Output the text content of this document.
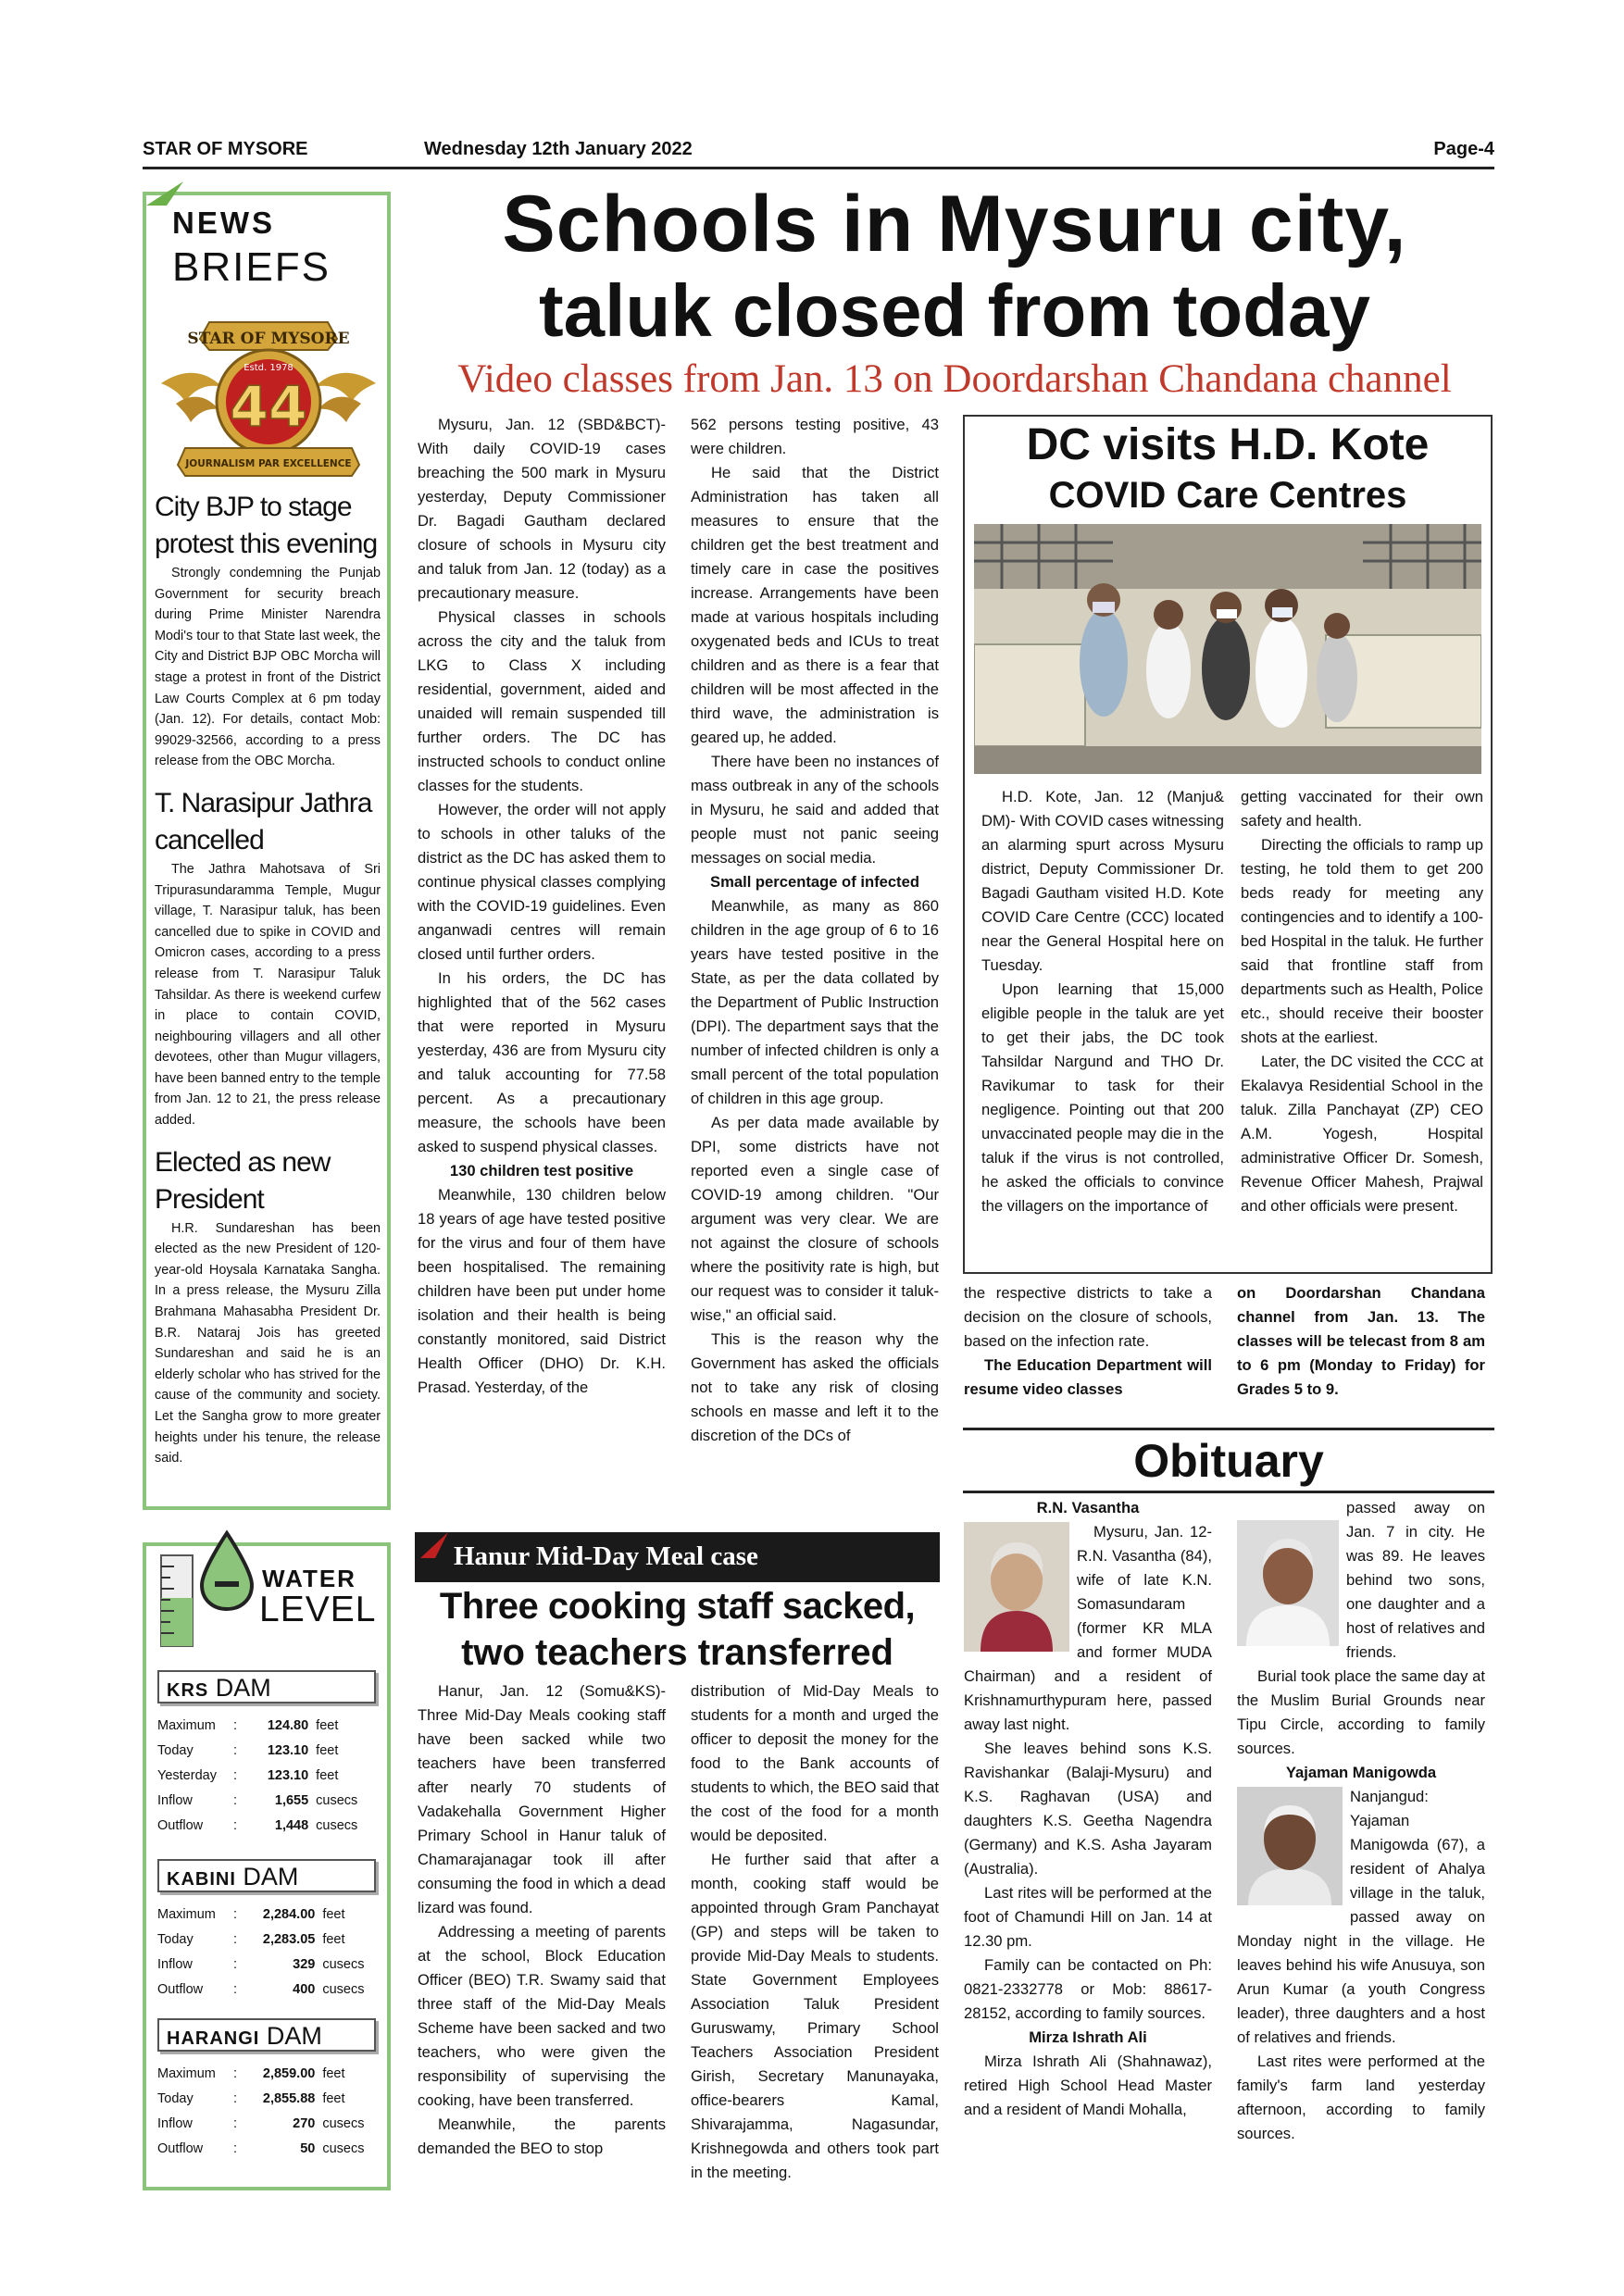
STAR OF MYSORE	Wednesday 12th January 2022	Page-4
NEWS
BRIEFS
STAR OF MYSORE
Estd. 1978
44
JOURNALISM PAR EXCELLENCE
City BJP to stage protest this evening

Strongly condemning the Punjab Government for security breach during Prime Minister Narendra Modi's tour to that State last week, the City and District BJP OBC Morcha will stage a protest in front of the District Law Courts Complex at 6 pm today (Jan. 12). For details, contact Mob: 99029-32566, according to a press release from the OBC Morcha.

T. Narasipur Jathra cancelled

The Jathra Mahotsava of Sri Tripurasundaramma Temple, Mugur village, T. Narasipur taluk, has been cancelled due to spike in COVID and Omicron cases, according to a press release from T. Narasipur Taluk Tahsildar. As there is weekend curfew in place to contain COVID, neighbouring villagers and all other devotees, other than Mugur villagers, have been banned entry to the temple from Jan. 12 to 21, the press release added.

Elected as new President

H.R. Sundareshan has been elected as the new President of 120-year-old Hoysala Karnataka Sangha. In a press release, the Mysuru Zilla Brahmana Mahasabha President Dr. B.R. Nataraj Jois has greeted Sundareshan and said he is an elderly scholar who has strived for the cause of the community and society. Let the Sangha grow to more greater heights under his tenure, the release said.

WATER
LEVEL
KRS DAM
Maximum	:	124.80	feet
Today	:	123.10	feet
Yesterday	:	123.10	feet
Inflow	:	1,655	cusecs
Outflow	:	1,448	cusecs
KABINI DAM
Maximum	:	2,284.00	feet
Today	:	2,283.05	feet
Inflow	:	329	cusecs
Outflow	:	400	cusecs
HARANGI DAM
Maximum	:	2,859.00	feet
Today	:	2,855.88	feet
Inflow	:	270	cusecs
Outflow	:	50	cusecs
Schools in Mysuru city,
taluk closed from today
Video classes from Jan. 13 on Doordarshan Chandana channel

Mysuru, Jan. 12 (SBD&BCT)- With daily COVID-19 cases breaching the 500 mark in Mysuru yesterday, Deputy Commissioner Dr. Bagadi Gautham declared closure of schools in Mysuru city and taluk from Jan. 12 (today) as a precautionary measure.

Physical classes in schools across the city and the taluk from LKG to Class X including residential, government, aided and unaided will remain suspended till further orders. The DC has instructed schools to conduct online classes for the students.

However, the order will not apply to schools in other taluks of the district as the DC has asked them to continue physical classes complying with the COVID-19 guidelines. Even anganwadi centres will remain closed until further orders.

In his orders, the DC has highlighted that of the 562 cases that were reported in Mysuru yesterday, 436 are from Mysuru city and taluk accounting for 77.58 percent. As a precautionary measure, the schools have been asked to suspend physical classes.

130 children test positive

Meanwhile, 130 children below 18 years of age have tested positive for the virus and four of them have been hospitalised. The remaining children have been put under home isolation and their health is being constantly monitored, said District Health Officer (DHO) Dr. K.H. Prasad. Yesterday, of the

562 persons testing positive, 43 were children.

He said that the District Administration has taken all measures to ensure that the children get the best treatment and timely care in case the positives increase. Arrangements have been made at various hospitals including oxygenated beds and ICUs to treat children and as there is a fear that children will be most affected in the third wave, the administration is geared up, he added.

There have been no instances of mass outbreak in any of the schools in Mysuru, he said and added that people must not panic seeing messages on social media.

Small percentage of infected

Meanwhile, as many as 860 children in the age group of 6 to 16 years have tested positive in the State, as per the data collated by the Department of Public Instruction (DPI). The department says that the number of infected children is only a small percent of the total population of children in this age group.

As per data made available by DPI, some districts have not reported even a single case of COVID-19 among children. "Our argument was very clear. We are not against the closure of schools where the positivity rate is high, but our request was to consider it taluk-wise," an official said.

This is the reason why the Government has asked the officials not to take any risk of closing schools en masse and left it to the discretion of the DCs of

the respective districts to take a decision on the closure of schools, based on the infection rate.

The Education Department will resume video classes

on Doordarshan Chandana channel from Jan. 13. The classes will be telecast from 8 am to 6 pm (Monday to Friday) for Grades 5 to 9.

DC visits H.D. Kote
COVID Care Centres

H.D. Kote, Jan. 12 (Manju& DM)- With COVID cases witnessing an alarming spurt across Mysuru district, Deputy Commissioner Dr. Bagadi Gautham visited H.D. Kote COVID Care Centre (CCC) located near the General Hospital here on Tuesday.

Upon learning that 15,000 eligible people in the taluk are yet to get their jabs, the DC took Tahsildar Nargund and THO Dr. Ravikumar to task for their negligence. Pointing out that 200 unvaccinated people may die in the taluk if the virus is not controlled, he asked the officials to convince the villagers on the importance of

getting vaccinated for their own safety and health.

Directing the officials to ramp up testing, he told them to get 200 beds ready for meeting any contingencies and to identify a 100-bed Hospital in the taluk. He further said that frontline staff from departments such as Health, Police etc., should receive their booster shots at the earliest.

Later, the DC visited the CCC at Ekalavya Residential School in the taluk. Zilla Panchayat (ZP) CEO A.M. Yogesh, Hospital administrative Officer Dr. Somesh, Revenue Officer Mahesh, Prajwal and other officials were present.

Hanur Mid-Day Meal case
Three cooking staff sacked,
two teachers transferred

Hanur, Jan. 12 (Somu&KS)- Three Mid-Day Meals cooking staff have been sacked while two teachers have been transferred after nearly 70 students of Vadakehalla Government Higher Primary School in Hanur taluk of Chamarajanagar took ill after consuming the food in which a dead lizard was found.

Addressing a meeting of parents at the school, Block Education Officer (BEO) T.R. Swamy said that three staff of the Mid-Day Meals Scheme have been sacked and two teachers, who were given the responsibility of supervising the cooking, have been transferred.

Meanwhile, the parents demanded the BEO to stop

distribution of Mid-Day Meals to students for a month and urged the officer to deposit the money for the food to the Bank accounts of students to which, the BEO said that the cost of the food for a month would be deposited.

He further said that after a month, cooking staff would be appointed through Gram Panchayat (GP) and steps will be taken to provide Mid-Day Meals to students. State Government Employees Association Taluk President Guruswamy, Primary School Teachers Association President Girish, Secretary Manunayaka, office-bearers Kamal, Shivarajamma, Nagasundar, Krishnegowda and others took part in the meeting.

Obituary

R.N. Vasantha

Mysuru, Jan. 12- R.N. Vasantha (84), wife of late K.N. Somasundaram (former KR MLA and former MUDA Chairman) and a resident of Krishnamurthypuram here, passed away last night.

She leaves behind sons K.S. Ravishankar (Balaji-Mysuru) and K.S. Raghavan (USA) and daughters K.S. Geetha Nagendra (Germany) and K.S. Asha Jayaram (Australia).

Last rites will be performed at the foot of Chamundi Hill on Jan. 14 at 12.30 pm.

Family can be contacted on Ph: 0821-2332778 or Mob: 88617-28152, according to family sources.

Mirza Ishrath Ali

Mirza Ishrath Ali (Shahnawaz), retired High School Head Master and a resident of Mandi Mohalla,

passed away on Jan. 7 in city. He was 89. He leaves behind two sons, one daughter and a host of relatives and friends.

Burial took place the same day at the Muslim Burial Grounds near Tipu Circle, according to family sources.

Yajaman Manigowda

Nanjangud: Yajaman Manigowda (67), a resident of Ahalya village in the taluk, passed away on Monday night in the village. He leaves behind his wife Anusuya, son Arun Kumar (a youth Congress leader), three daughters and a host of relatives and friends.

Last rites were performed at the family's farm land yesterday afternoon, according to family sources.
